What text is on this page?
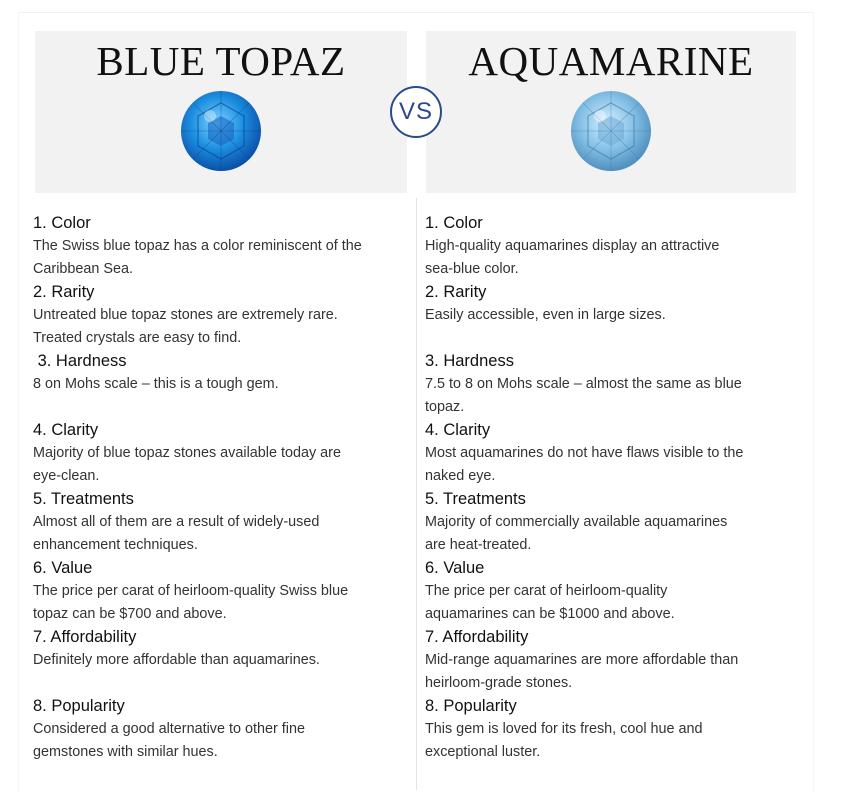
BLUE TOPAZ	AQUAMARINE
VS
1. Color
The Swiss blue topaz has a color reminiscent of the
Caribbean Sea.
2. Rarity
Untreated blue topaz stones are extremely rare.
Treated crystals are easy to find.
3. Hardness
8 on Mohs scale – this is a tough gem.
4. Clarity
Majority of blue topaz stones available today are
eye-clean.
5. Treatments
Almost all of them are a result of widely-used
enhancement techniques.
6. Value
The price per carat of heirloom-quality Swiss blue
topaz can be $700 and above.
7. Affordability
Definitely more affordable than aquamarines.
8. Popularity
Considered a good alternative to other fine
gemstones with similar hues.
1. Color
High-quality aquamarines display an attractive
sea-blue color.
2. Rarity
Easily accessible, even in large sizes.
3. Hardness
7.5 to 8 on Mohs scale – almost the same as blue
topaz.
4. Clarity
Most aquamarines do not have flaws visible to the
naked eye.
5. Treatments
Majority of commercially available aquamarines
are heat-treated.
6. Value
The price per carat of heirloom-quality
aquamarines can be $1000 and above.
7. Affordability
Mid-range aquamarines are more affordable than
heirloom-grade stones.
8. Popularity
This gem is loved for its fresh, cool hue and
exceptional luster.
